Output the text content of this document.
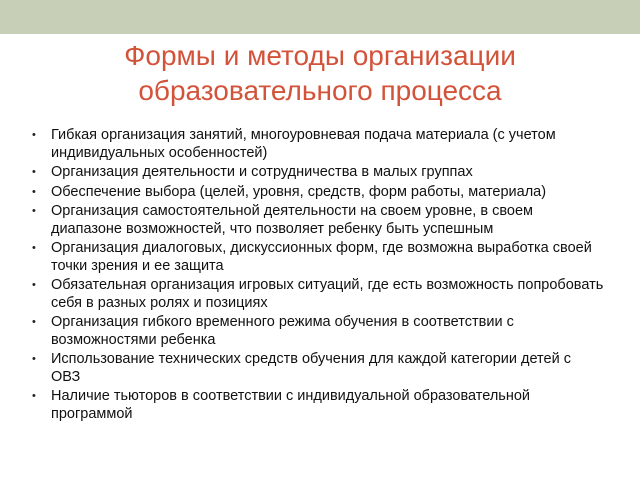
Формы и методы организации
образовательного процесса
• Гибкая организация занятий, многоуровневая подача материала (с учетом индивидуальных особенностей)
• Организация деятельности и сотрудничества в малых группах
• Обеспечение выбора (целей, уровня, средств, форм работы, материала)
• Организация самостоятельной деятельности на своем уровне, в своем диапазоне возможностей, что позволяет ребенку быть успешным
• Организация диалоговых, дискуссионных форм, где возможна выработка своей точки зрения и ее защита
• Обязательная организация игровых ситуаций, где есть возможность попробовать себя в разных ролях и позициях
• Организация гибкого временного режима обучения в соответствии с возможностями ребенка
• Использование технических средств обучения для каждой категории детей с ОВЗ
• Наличие тьюторов в соответствии с индивидуальной образовательной программой
